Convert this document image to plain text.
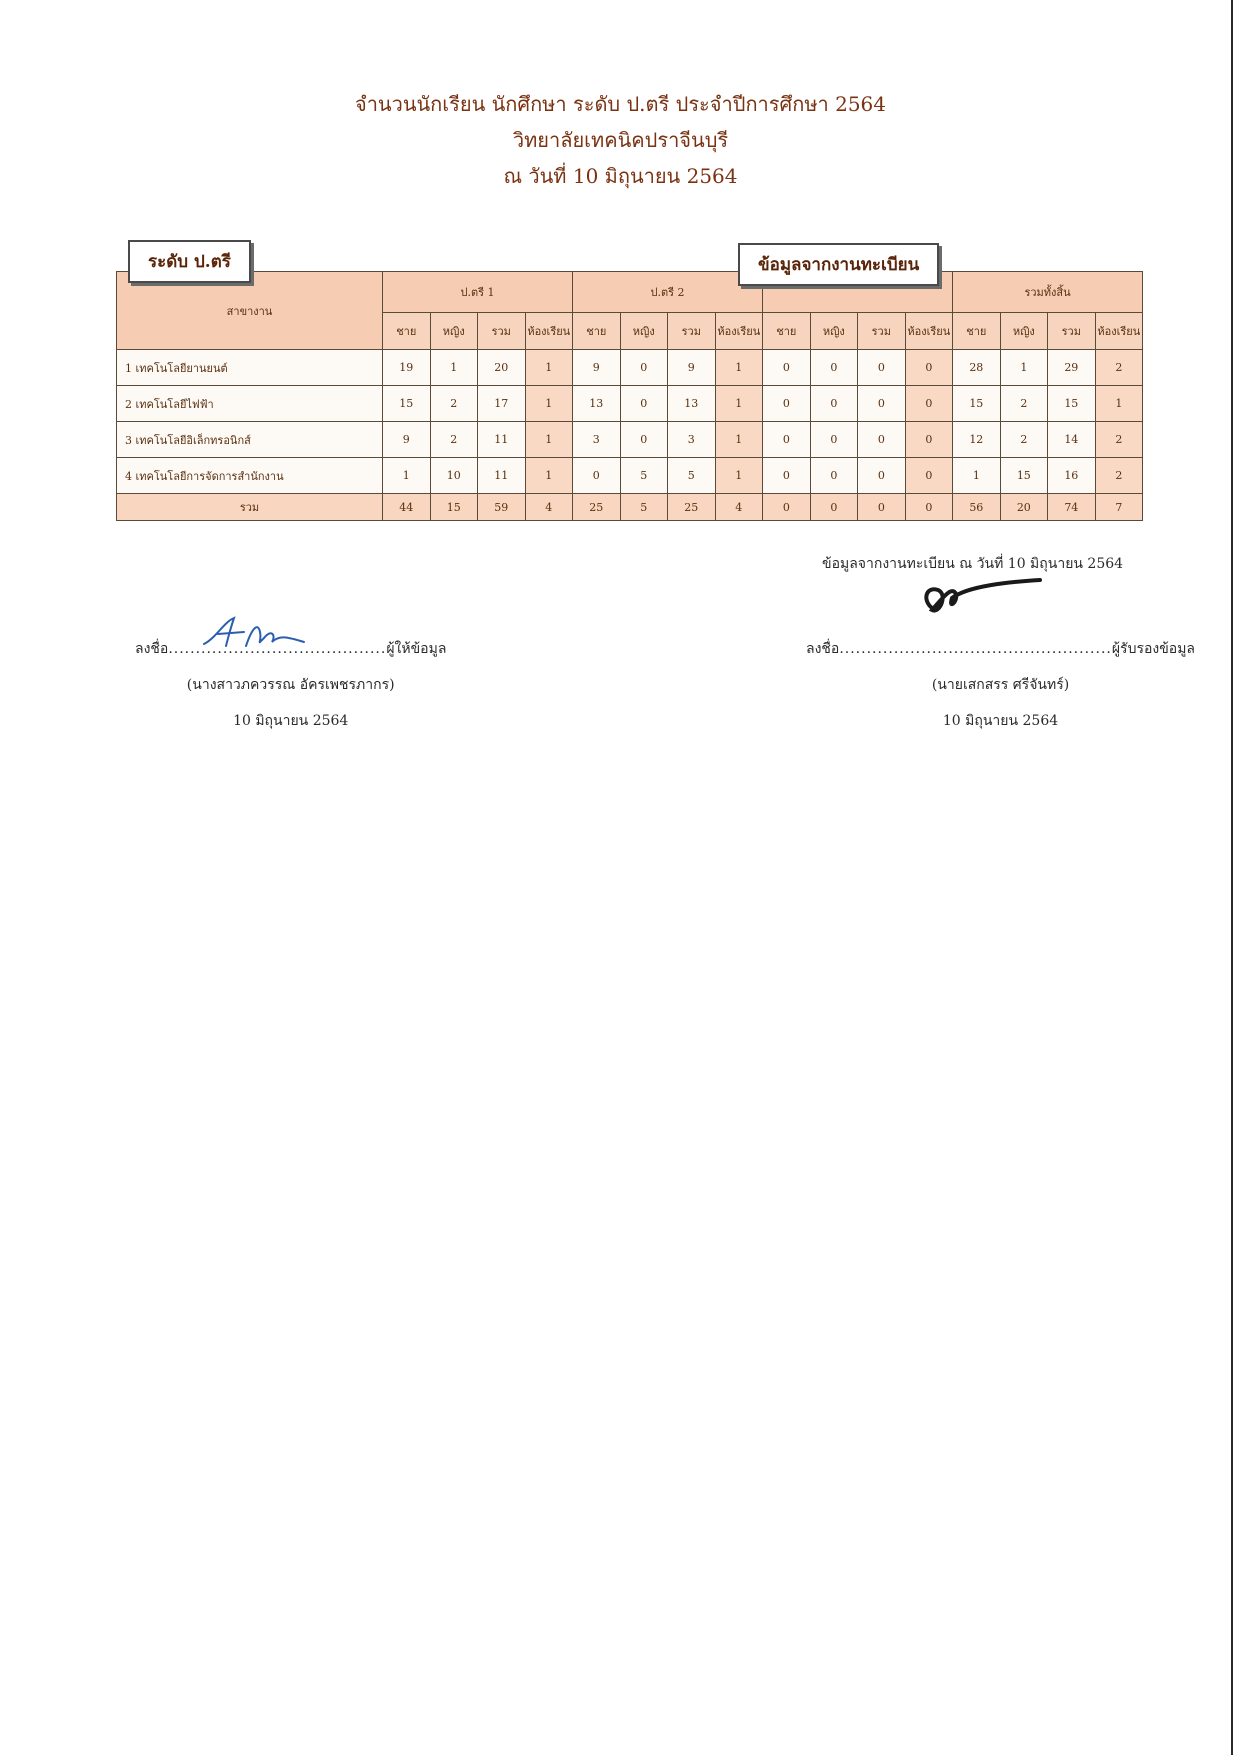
จำนวนนักเรียน นักศึกษา ระดับ ป.ตรี ประจำปีการศึกษา 2564
วิทยาลัยเทคนิคปราจีนบุรี
ณ วันที่ 10 มิถุนายน 2564
สาขางาน	ป.ตรี 1				ป.ตรี 2								รวมทั้งสิ้น			
	ชาย	หญิง	รวม	ห้องเรียน	ชาย	หญิง	รวม	ห้องเรียน	ชาย	หญิง	รวม	ห้องเรียน	ชาย	หญิง	รวม	ห้องเรียน
1 เทคโนโลยียานยนต์	19	1	20	1	9	0	9	1	0	0	0	0	28	1	29	2
2 เทคโนโลยีไฟฟ้า	15	2	17	1	13	0	13	1	0	0	0	0	15	2	15	1
3 เทคโนโลยีอิเล็กทรอนิกส์	9	2	11	1	3	0	3	1	0	0	0	0	12	2	14	2
4 เทคโนโลยีการจัดการสำนักงาน	1	10	11	1	0	5	5	1	0	0	0	0	1	15	16	2
รวม	44	15	59	4	25	5	25	4	0	0	0	0	56	20	74	7
ระดับ ป.ตรี	ข้อมูลจากงานทะเบียน
ข้อมูลจากงานทะเบียน ณ วันที่ 10 มิถุนายน 2564
ลงชื่อ........................................ผู้ให้ข้อมูล
(นางสาวภควรรณ อัครเพชรภากร)
10 มิถุนายน 2564
ลงชื่อ..................................................ผู้รับรองข้อมูล
(นายเสกสรร ศรีจันทร์)
10 มิถุนายน 2564
